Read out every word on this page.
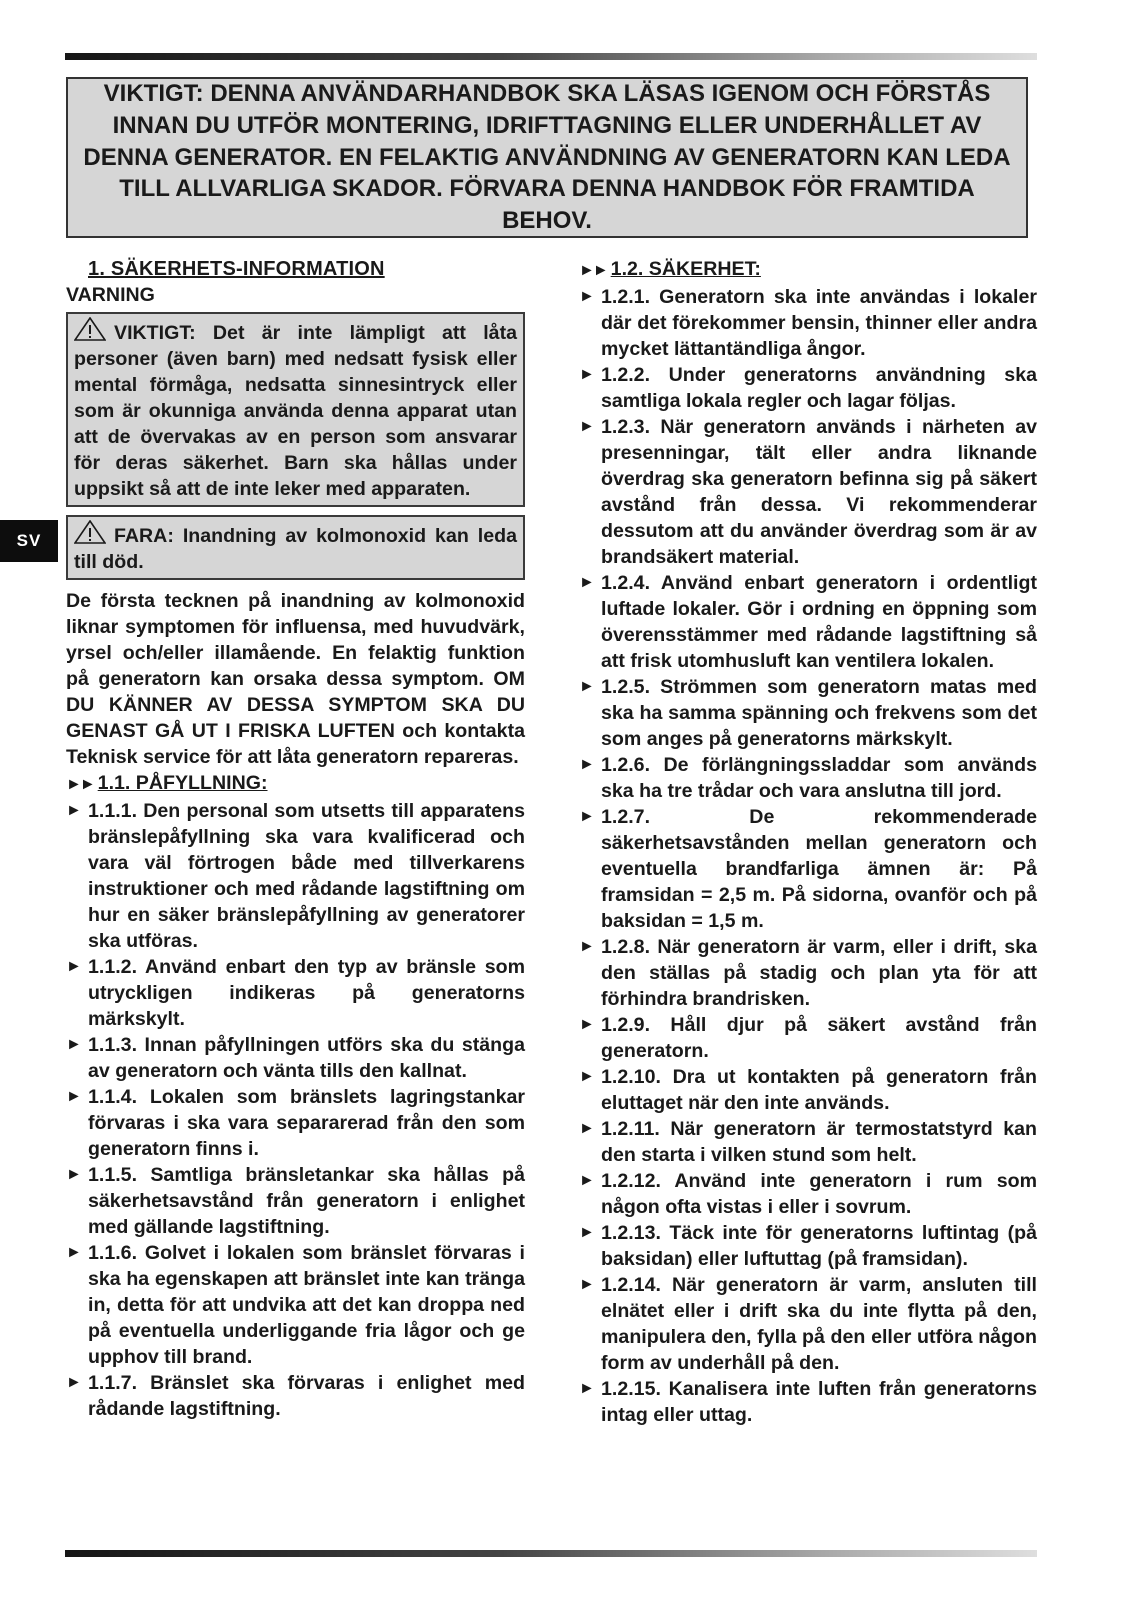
VIKTIGT: DENNA ANVÄNDARHANDBOK SKA LÄSAS IGENOM OCH FÖRSTÅS INNAN DU UTFÖR MONTERING, IDRIFTTAGNING ELLER UNDERHÅLLET AV DENNA GENERATOR. EN FELAKTIG ANVÄNDNING AV GENERATORN KAN LEDA TILL ALLVARLIGA SKADOR. FÖRVARA DENNA HANDBOK FÖR FRAMTIDA BEHOV.
SV
1. SÄKERHETS-INFORMATION
VARNING
VIKTIGT: Det är inte lämpligt att låta personer (även barn) med nedsatt fysisk eller mental förmåga, nedsatta sinnesintryck eller som är okunniga använda denna apparat utan att de övervakas av en person som ansvarar för deras säkerhet. Barn ska hållas under uppsikt så att de inte leker med apparaten.
FARA: Inandning av kolmonoxid kan leda till död.
De första tecknen på inandning av kolmonoxid liknar symptomen för influensa, med huvudvärk, yrsel och/eller illamående. En felaktig funktion på generatorn kan orsaka dessa symptom. OM DU KÄNNER AV DESSA SYMPTOM SKA DU GENAST GÅ UT I FRISKA LUFTEN och kontakta Teknisk service för att låta generatorn repareras.
►► 1.1. PÅFYLLNING:
► 1.1.1. Den personal som utsetts till apparatens bränslepåfyllning ska vara kvalificerad och vara väl förtrogen både med tillverkarens instruktioner och med rådande lagstiftning om hur en säker bränslepåfyllning av generatorer ska utföras.
► 1.1.2. Använd enbart den typ av bränsle som utryckligen indikeras på generatorns märkskylt.
► 1.1.3. Innan påfyllningen utförs ska du stänga av generatorn och vänta tills den kallnat.
► 1.1.4. Lokalen som bränslets lagringstankar förvaras i ska vara separarerad från den som generatorn finns i.
► 1.1.5. Samtliga bränsletankar ska hållas på säkerhetsavstånd från generatorn i enlighet med gällande lagstiftning.
► 1.1.6. Golvet i lokalen som bränslet förvaras i ska ha egenskapen att bränslet inte kan tränga in, detta för att undvika att det kan droppa ned på eventuella underliggande fria lågor och ge upphov till brand.
► 1.1.7. Bränslet ska förvaras i enlighet med rådande lagstiftning.
►► 1.2. SÄKERHET:
► 1.2.1. Generatorn ska inte användas i lokaler där det förekommer bensin, thinner eller andra mycket lättantändliga ångor.
► 1.2.2. Under generatorns användning ska samtliga lokala regler och lagar följas.
► 1.2.3. När generatorn används i närheten av presenningar, tält eller andra liknande överdrag ska generatorn befinna sig på säkert avstånd från dessa. Vi rekommenderar dessutom att du använder överdrag som är av brandsäkert material.
► 1.2.4. Använd enbart generatorn i ordentligt luftade lokaler. Gör i ordning en öppning som överensstämmer med rådande lagstiftning så att frisk utomhusluft kan ventilera lokalen.
► 1.2.5. Strömmen som generatorn matas med ska ha samma spänning och frekvens som det som anges på generatorns märkskylt.
► 1.2.6. De förlängningssladdar som används ska ha tre trådar och vara anslutna till jord.
► 1.2.7. De rekommenderade säkerhetsavstånden mellan generatorn och eventuella brandfarliga ämnen är: På framsidan = 2,5 m. På sidorna, ovanför och på baksidan = 1,5 m.
► 1.2.8. När generatorn är varm, eller i drift, ska den ställas på stadig och plan yta för att förhindra brandrisken.
► 1.2.9. Håll djur på säkert avstånd från generatorn.
► 1.2.10. Dra ut kontakten på generatorn från eluttaget när den inte används.
► 1.2.11. När generatorn är termostatstyrd kan den starta i vilken stund som helt.
► 1.2.12. Använd inte generatorn i rum som någon ofta vistas i eller i sovrum.
► 1.2.13. Täck inte för generatorns luftintag (på baksidan) eller luftuttag (på framsidan).
► 1.2.14. När generatorn är varm, ansluten till elnätet eller i drift ska du inte flytta på den, manipulera den, fylla på den eller utföra någon form av underhåll på den.
► 1.2.15. Kanalisera inte luften från generatorns intag eller uttag.
